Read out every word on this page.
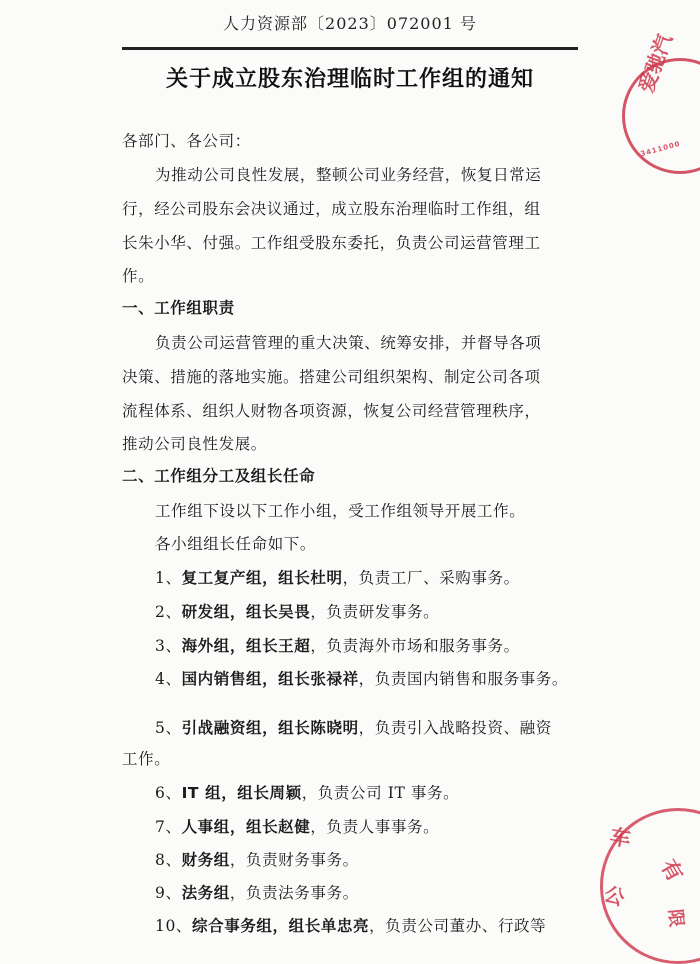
人力资源部〔2023〕072001 号
关于成立股东治理临时工作组的通知
各部门、各公司：
为推动公司良性发展，整顿公司业务经营，恢复日常运
行，经公司股东会决议通过，成立股东治理临时工作组，组
长朱小华、付强。工作组受股东委托，负责公司运营管理工
作。
一、工作组职责
负责公司运营管理的重大决策、统筹安排，并督导各项
决策、措施的落地实施。搭建公司组织架构、制定公司各项
流程体系、组织人财物各项资源，恢复公司经营管理秩序，
推动公司良性发展。
二、工作组分工及组长任命
工作组下设以下工作小组，受工作组领导开展工作。
各小组组长任命如下。
1、复工复产组，组长杜明，负责工厂、采购事务。
2、研发组，组长吴畏，负责研发事务。
3、海外组，组长王超，负责海外市场和服务事务。
4、国内销售组，组长张禄祥，负责国内销售和服务事务。
5、引战融资组，组长陈晓明，负责引入战略投资、融资
工作。
6、IT 组，组长周颖，负责公司 IT 事务。
7、人事组，组长赵健，负责人事事务。
8、财务组，负责财务事务。
9、法务组，负责法务事务。
10、综合事务组，组长单忠亮，负责公司董办、行政等
爱驰汽
3411000
车
有
限
公
